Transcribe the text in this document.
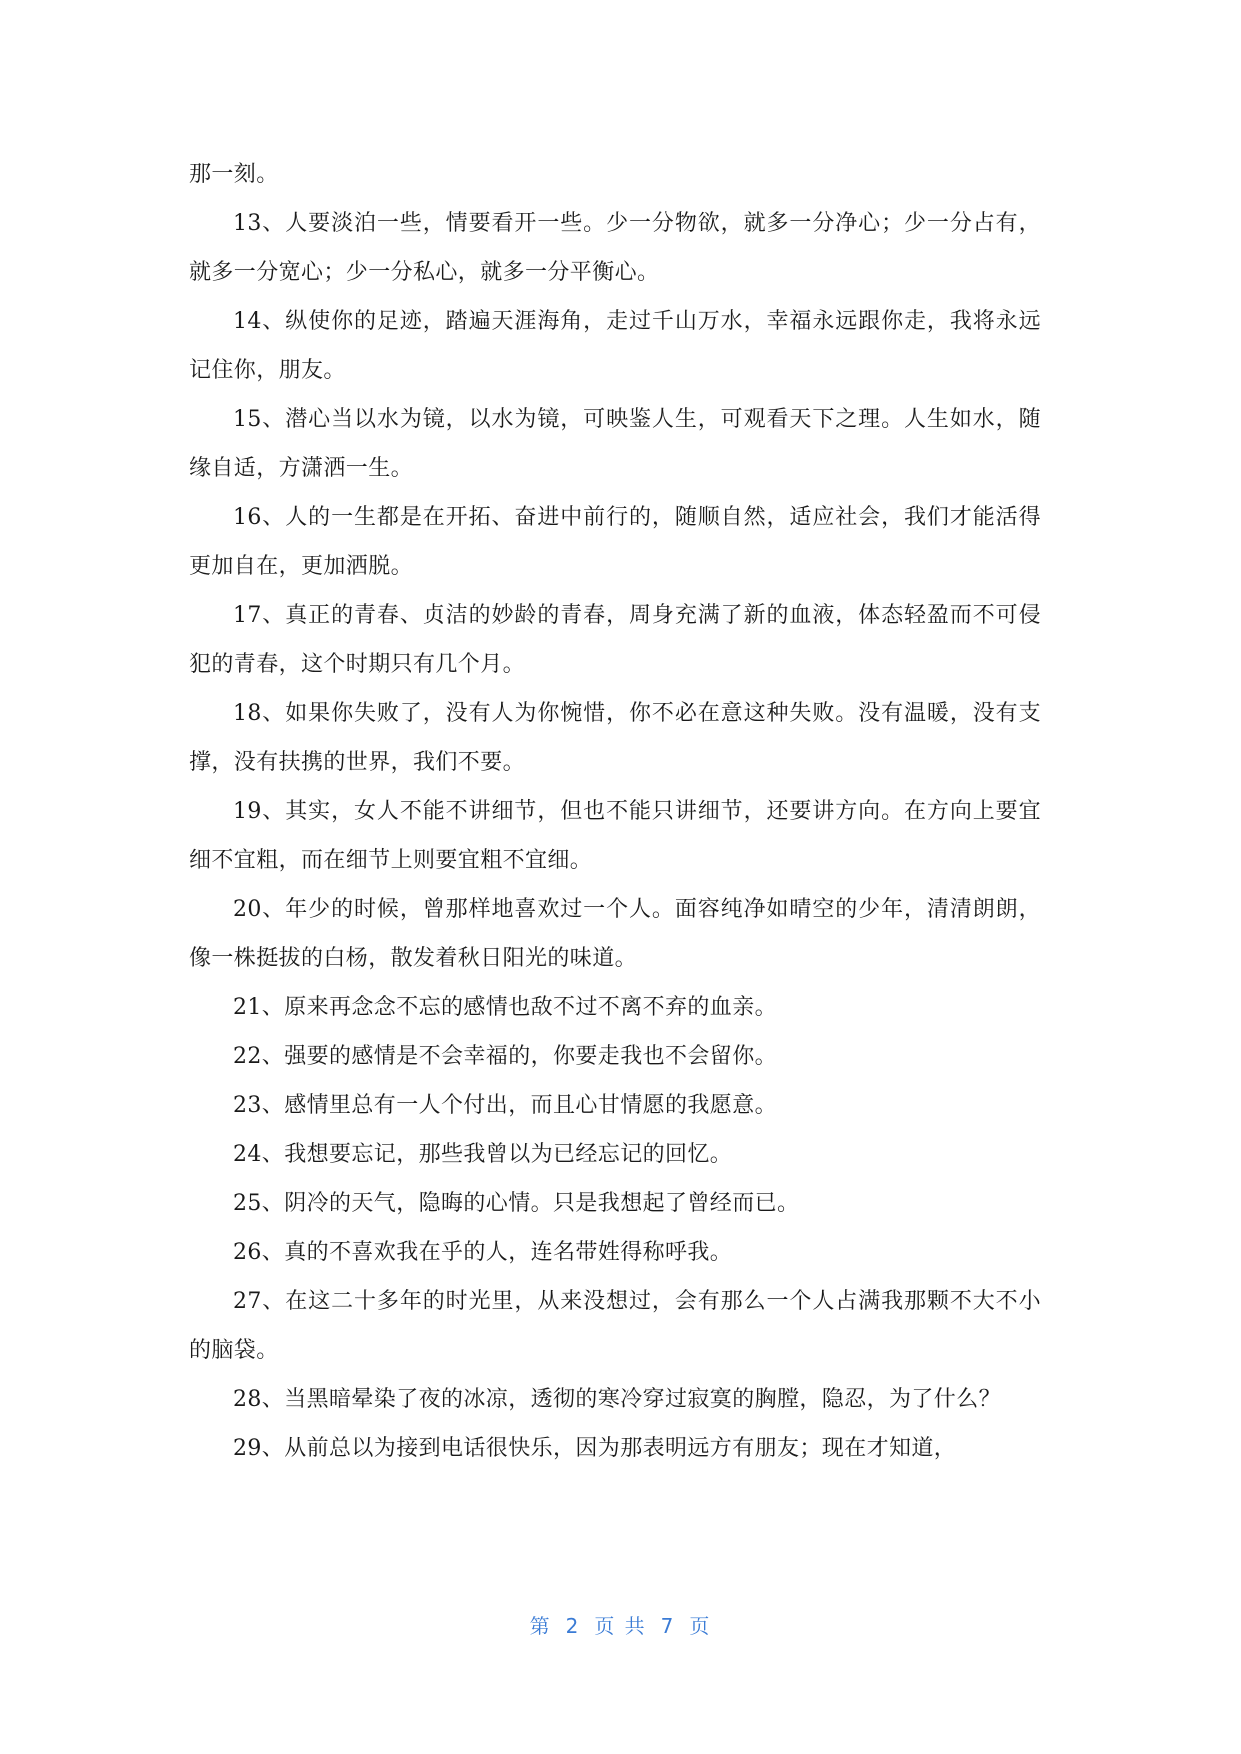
那一刻。

13、人要淡泊一些，情要看开一些。少一分物欲，就多一分净心；少一分占有，就多一分宽心；少一分私心，就多一分平衡心。

14、纵使你的足迹，踏遍天涯海角，走过千山万水，幸福永远跟你走，我将永远记住你，朋友。

15、潜心当以水为镜，以水为镜，可映鉴人生，可观看天下之理。人生如水，随缘自适，方潇洒一生。

16、人的一生都是在开拓、奋进中前行的，随顺自然，适应社会，我们才能活得更加自在，更加洒脱。

17、真正的青春、贞洁的妙龄的青春，周身充满了新的血液，体态轻盈而不可侵犯的青春，这个时期只有几个月。

18、如果你失败了，没有人为你惋惜，你不必在意这种失败。没有温暖，没有支撑，没有扶携的世界，我们不要。

19、其实，女人不能不讲细节，但也不能只讲细节，还要讲方向。在方向上要宜细不宜粗，而在细节上则要宜粗不宜细。

20、年少的时候，曾那样地喜欢过一个人。面容纯净如晴空的少年，清清朗朗，像一株挺拔的白杨，散发着秋日阳光的味道。

21、原来再念念不忘的感情也敌不过不离不弃的血亲。

22、强要的感情是不会幸福的，你要走我也不会留你。

23、感情里总有一人个付出，而且心甘情愿的我愿意。

24、我想要忘记，那些我曾以为已经忘记的回忆。

25、阴冷的天气，隐晦的心情。只是我想起了曾经而已。

26、真的不喜欢我在乎的人，连名带姓得称呼我。

27、在这二十多年的时光里，从来没想过，会有那么一个人占满我那颗不大不小的脑袋。

28、当黑暗晕染了夜的冰凉，透彻的寒冷穿过寂寞的胸膛，隐忍，为了什么？

29、从前总以为接到电话很快乐，因为那表明远方有朋友；现在才知道，

第 2 页 共 7 页
